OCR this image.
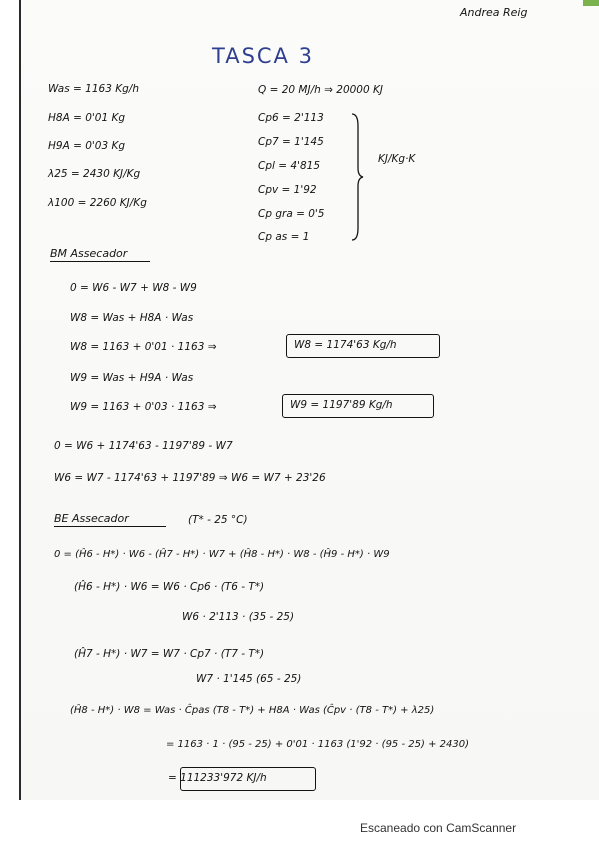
Andrea Reig
TASCA 3
Was = 1163 Kg/h
H8A = 0'01 Kg
H9A = 0'03 Kg
λ25 = 2430 KJ/Kg
λ100 = 2260 KJ/Kg
Q = 20 MJ/h ⇒ 20000 KJ
Cp6 = 2'113
Cp7 = 1'145
Cpl = 4'815
Cpv = 1'92
Cp gra = 0'5
Cp as = 1
KJ/Kg·K
BM Assecador
0 = W6 - W7 + W8 - W9
W8 = Was + H8A · Was
W8 = 1163 + 0'01 · 1163 ⇒	W8 = 1174'63 Kg/h
W9 = Was + H9A · Was
W9 = 1163 + 0'03 · 1163 ⇒	W9 = 1197'89 Kg/h
0 = W6 + 1174'63 - 1197'89 - W7
W6 = W7 - 1174'63 + 1197'89 ⇒ W6 = W7 + 23'26
BE Assecador	(T* - 25 °C)
0 = (Ĥ6 - H*) · W6 - (Ĥ7 - H*) · W7 + (Ĥ8 - H*) · W8 - (Ĥ9 - H*) · W9
(Ĥ6 - H*) · W6 = W6 · Cp6 · (T6 - T*)
W6 · 2'113 · (35 - 25)
(Ĥ7 - H*) · W7 = W7 · Cp7 · (T7 - T*)
W7 · 1'145 (65 - 25)
(Ĥ8 - H*) · W8 = Was · Ĉpas (T8 - T*) + H8A · Was (Ĉpv · (T8 - T*) + λ25)
= 1163 · 1 · (95 - 25) + 0'01 · 1163 (1'92 · (95 - 25) + 2430)
= 111233'972 KJ/h
Escaneado con CamScanner
